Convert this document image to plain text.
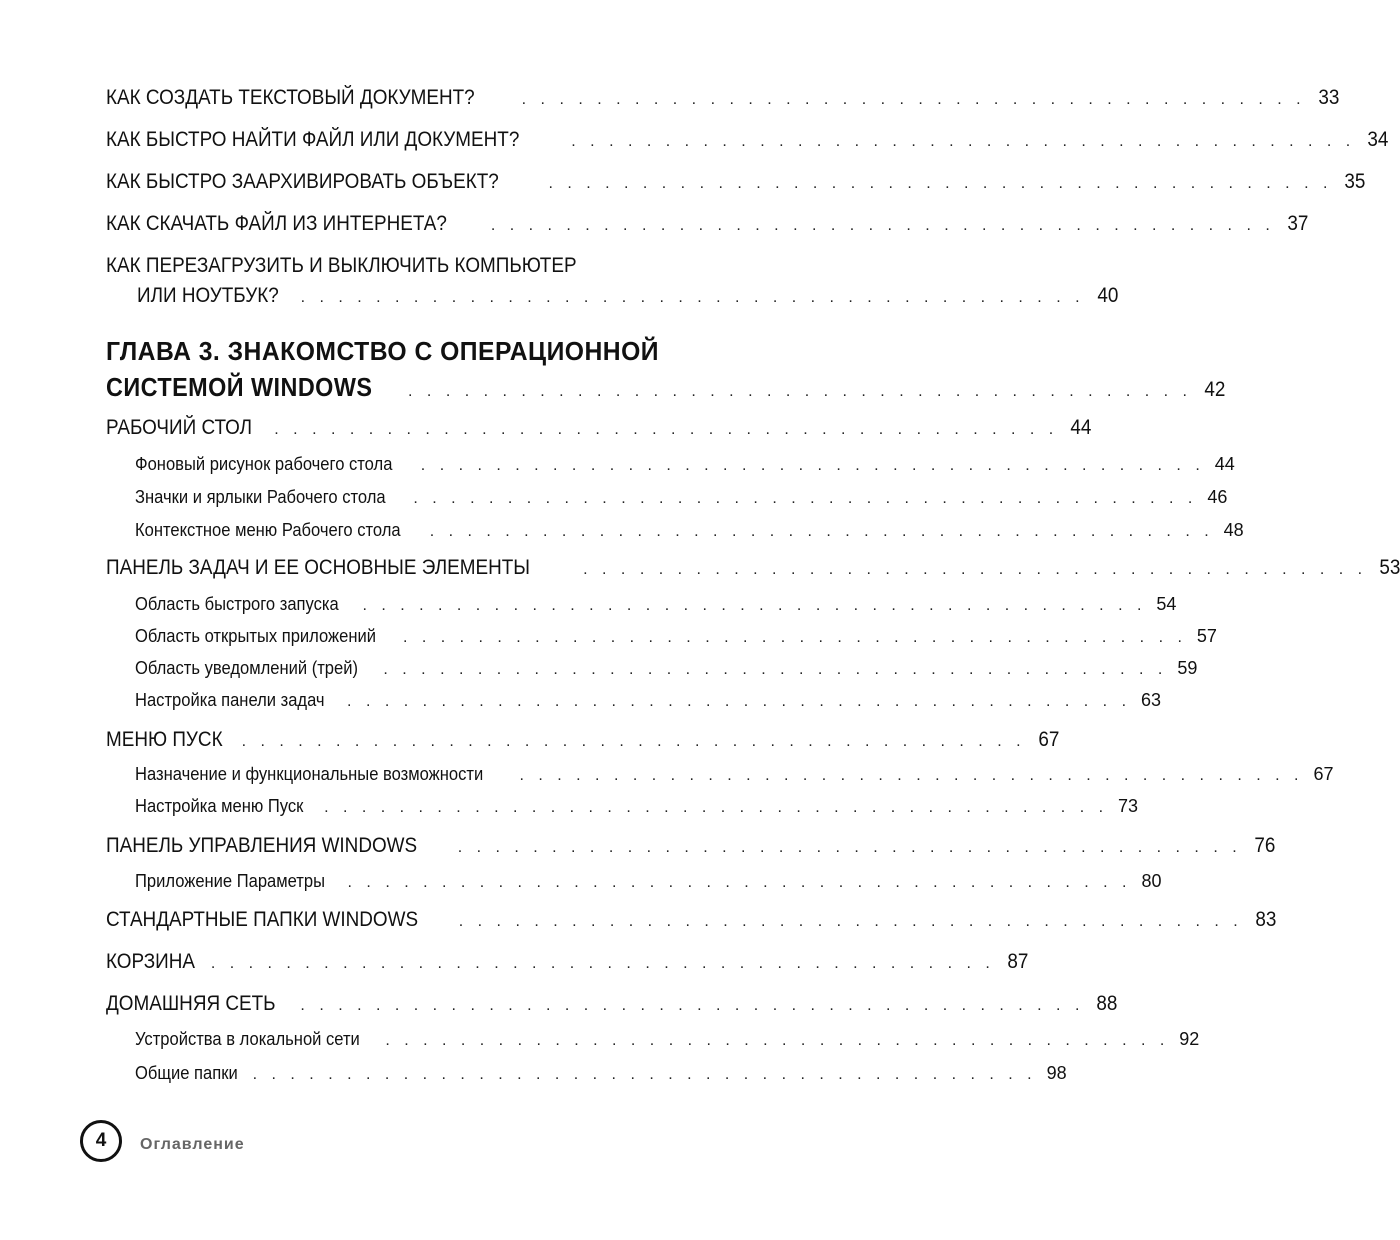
КАК СОЗДАТЬ ТЕКСТОВЫЙ ДОКУМЕНТ?	. . . . . . . . . . . . . . . . . . . . . . . . . . . . . . . . . . . . . . . . . . 33
КАК БЫСТРО НАЙТИ ФАЙЛ ИЛИ ДОКУМЕНТ?	. . . . . . . . . . . . . . . . . . . . . . . . . . . . . . . . . . . . . . . . . . 34
КАК БЫСТРО ЗААРХИВИРОВАТЬ ОБЪЕКТ?	. . . . . . . . . . . . . . . . . . . . . . . . . . . . . . . . . . . . . . . . . . 35
КАК СКАЧАТЬ ФАЙЛ ИЗ ИНТЕРНЕТА?	. . . . . . . . . . . . . . . . . . . . . . . . . . . . . . . . . . . . . . . . . . 37
КАК ПЕРЕЗАГРУЗИТЬ И ВЫКЛЮЧИТЬ КОМПЬЮТЕР
ИЛИ НОУТБУК? . . . . . . . . . . . . . . . . . . . . . . . . . . . . . . . . . . . . . . . . . . 40
ГЛАВА 3. ЗНАКОМСТВО С ОПЕРАЦИОННОЙ
СИСТЕМОЙ WINDOWS . . . . . . . . . . . . . . . . . . . . . . . . . . . . . . . . . . . . . . . . . . 42
РАБОЧИЙ СТОЛ . . . . . . . . . . . . . . . . . . . . . . . . . . . . . . . . . . . . . . . . . . 44
Фоновый рисунок рабочего стола . . . . . . . . . . . . . . . . . . . . . . . . . . . . . . . . . . . . . . . . . . 44
Значки и ярлыки Рабочего стола . . . . . . . . . . . . . . . . . . . . . . . . . . . . . . . . . . . . . . . . . . 46
Контекстное меню Рабочего стола . . . . . . . . . . . . . . . . . . . . . . . . . . . . . . . . . . . . . . . . . . 48
ПАНЕЛЬ ЗАДАЧ И ЕЕ ОСНОВНЫЕ ЭЛЕМЕНТЫ	. . . . . . . . . . . . . . . . . . . . . . . . . . . . . . . . . . . . . . . . . . 53
Область быстрого запуска . . . . . . . . . . . . . . . . . . . . . . . . . . . . . . . . . . . . . . . . . . 54
Область открытых приложений . . . . . . . . . . . . . . . . . . . . . . . . . . . . . . . . . . . . . . . . . . 57
Область уведомлений (трей) . . . . . . . . . . . . . . . . . . . . . . . . . . . . . . . . . . . . . . . . . . 59
Настройка панели задач . . . . . . . . . . . . . . . . . . . . . . . . . . . . . . . . . . . . . . . . . . 63
МЕНЮ ПУСК . . . . . . . . . . . . . . . . . . . . . . . . . . . . . . . . . . . . . . . . . . 67
Назначение и функциональные возможности . . . . . . . . . . . . . . . . . . . . . . . . . . . . . . . . . . . . . . . . . . 67
Настройка меню Пуск . . . . . . . . . . . . . . . . . . . . . . . . . . . . . . . . . . . . . . . . . . 73
ПАНЕЛЬ УПРАВЛЕНИЯ WINDOWS	. . . . . . . . . . . . . . . . . . . . . . . . . . . . . . . . . . . . . . . . . . 76
Приложение Параметры . . . . . . . . . . . . . . . . . . . . . . . . . . . . . . . . . . . . . . . . . . 80
СТАНДАРТНЫЕ ПАПКИ WINDOWS	. . . . . . . . . . . . . . . . . . . . . . . . . . . . . . . . . . . . . . . . . . 83
КОРЗИНА . . . . . . . . . . . . . . . . . . . . . . . . . . . . . . . . . . . . . . . . . . 87
ДОМАШНЯЯ СЕТЬ . . . . . . . . . . . . . . . . . . . . . . . . . . . . . . . . . . . . . . . . . . 88
Устройства в локальной сети . . . . . . . . . . . . . . . . . . . . . . . . . . . . . . . . . . . . . . . . . . 92
Общие папки . . . . . . . . . . . . . . . . . . . . . . . . . . . . . . . . . . . . . . . . . . 98
4 Оглавление
